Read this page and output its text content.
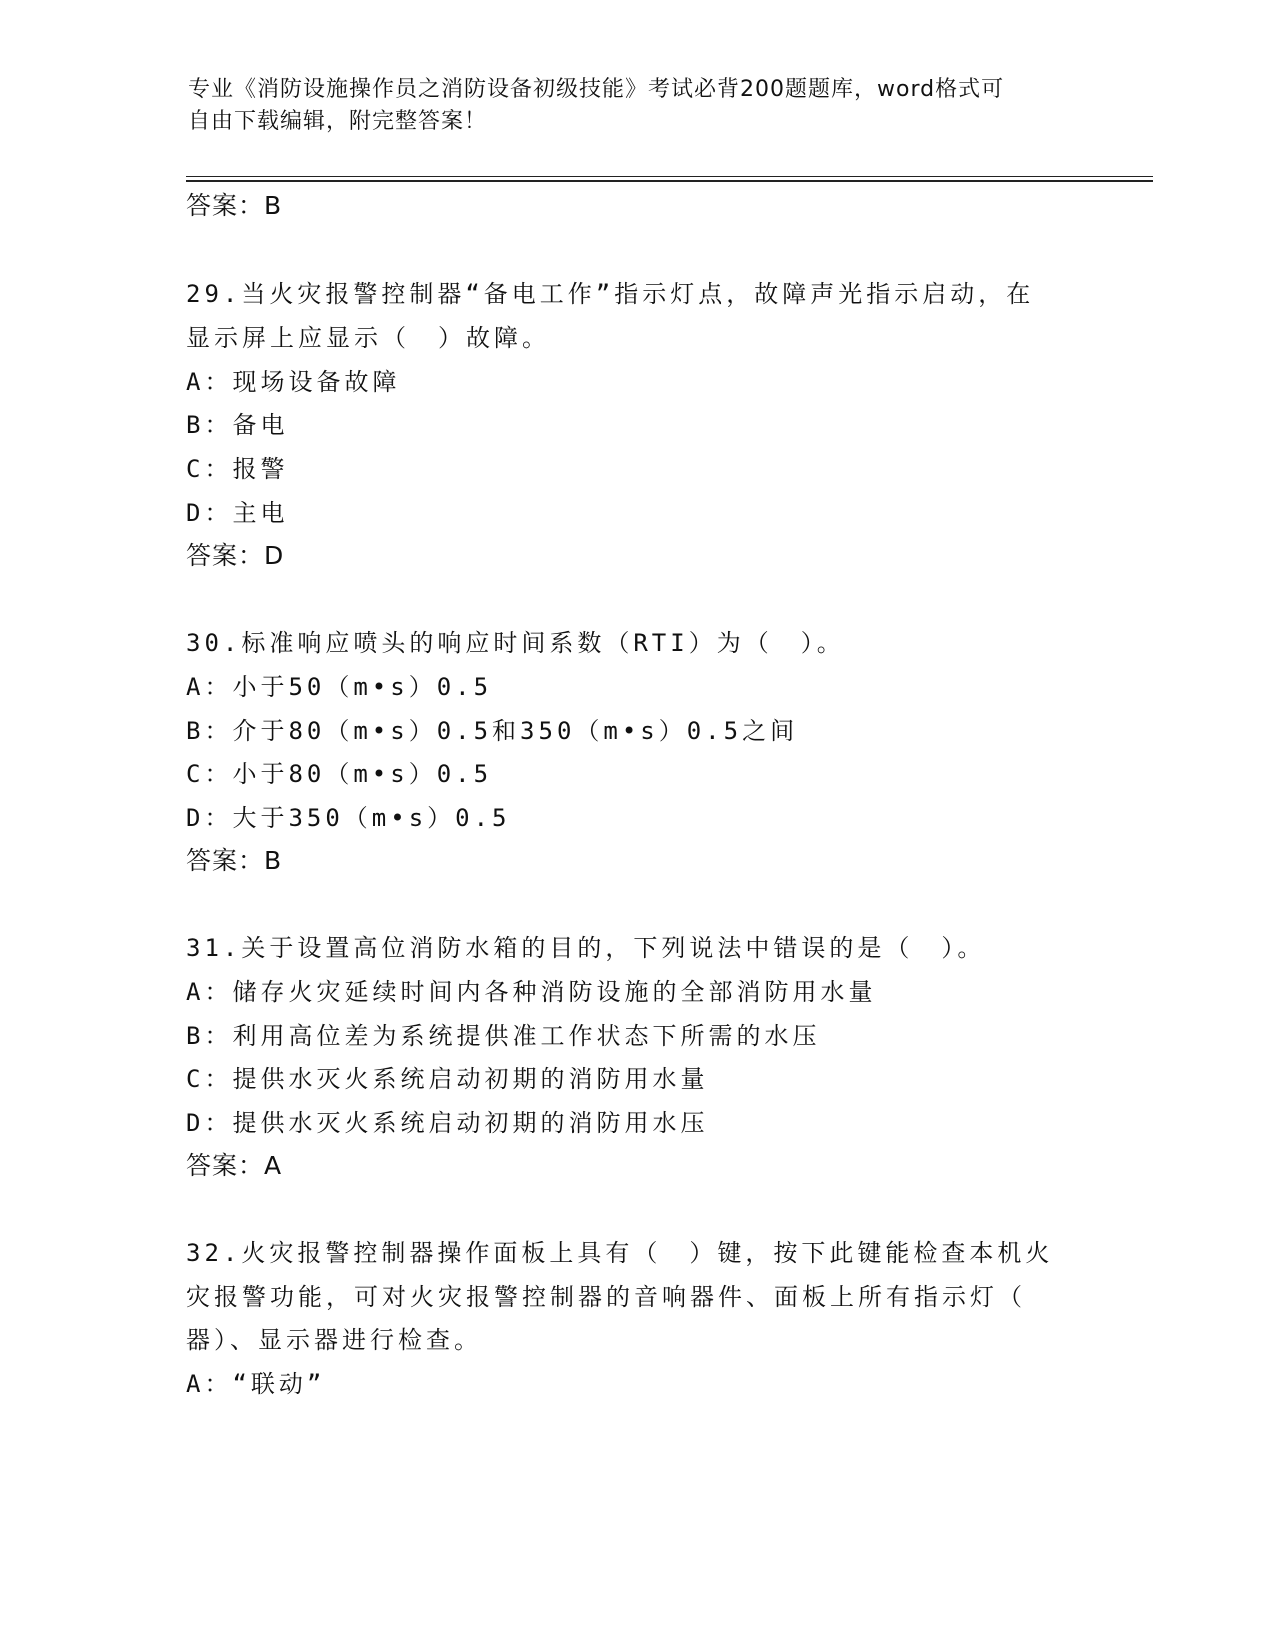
专业《消防设施操作员之消防设备初级技能》考试必背200题题库，word格式可
自由下载编辑，附完整答案！
答案：B
29.当火灾报警控制器“备电工作”指示灯点，故障声光指示启动，在
显示屏上应显示（　）故障。
A：现场设备故障
B：备电
C：报警
D：主电
答案：D
30.标准响应喷头的响应时间系数（RTI）为（　）。
A：小于50（m•s）0.5
B：介于80（m•s）0.5和350（m•s）0.5之间
C：小于80（m•s）0.5
D：大于350（m•s）0.5
答案：B
31.关于设置高位消防水箱的目的，下列说法中错误的是（　）。
A：储存火灾延续时间内各种消防设施的全部消防用水量
B：利用高位差为系统提供准工作状态下所需的水压
C：提供水灭火系统启动初期的消防用水量
D：提供水灭火系统启动初期的消防用水压
答案：A
32.火灾报警控制器操作面板上具有（　）键，按下此键能检查本机火
灾报警功能，可对火灾报警控制器的音响器件、面板上所有指示灯（
器）、显示器进行检查。
A：“联动”
